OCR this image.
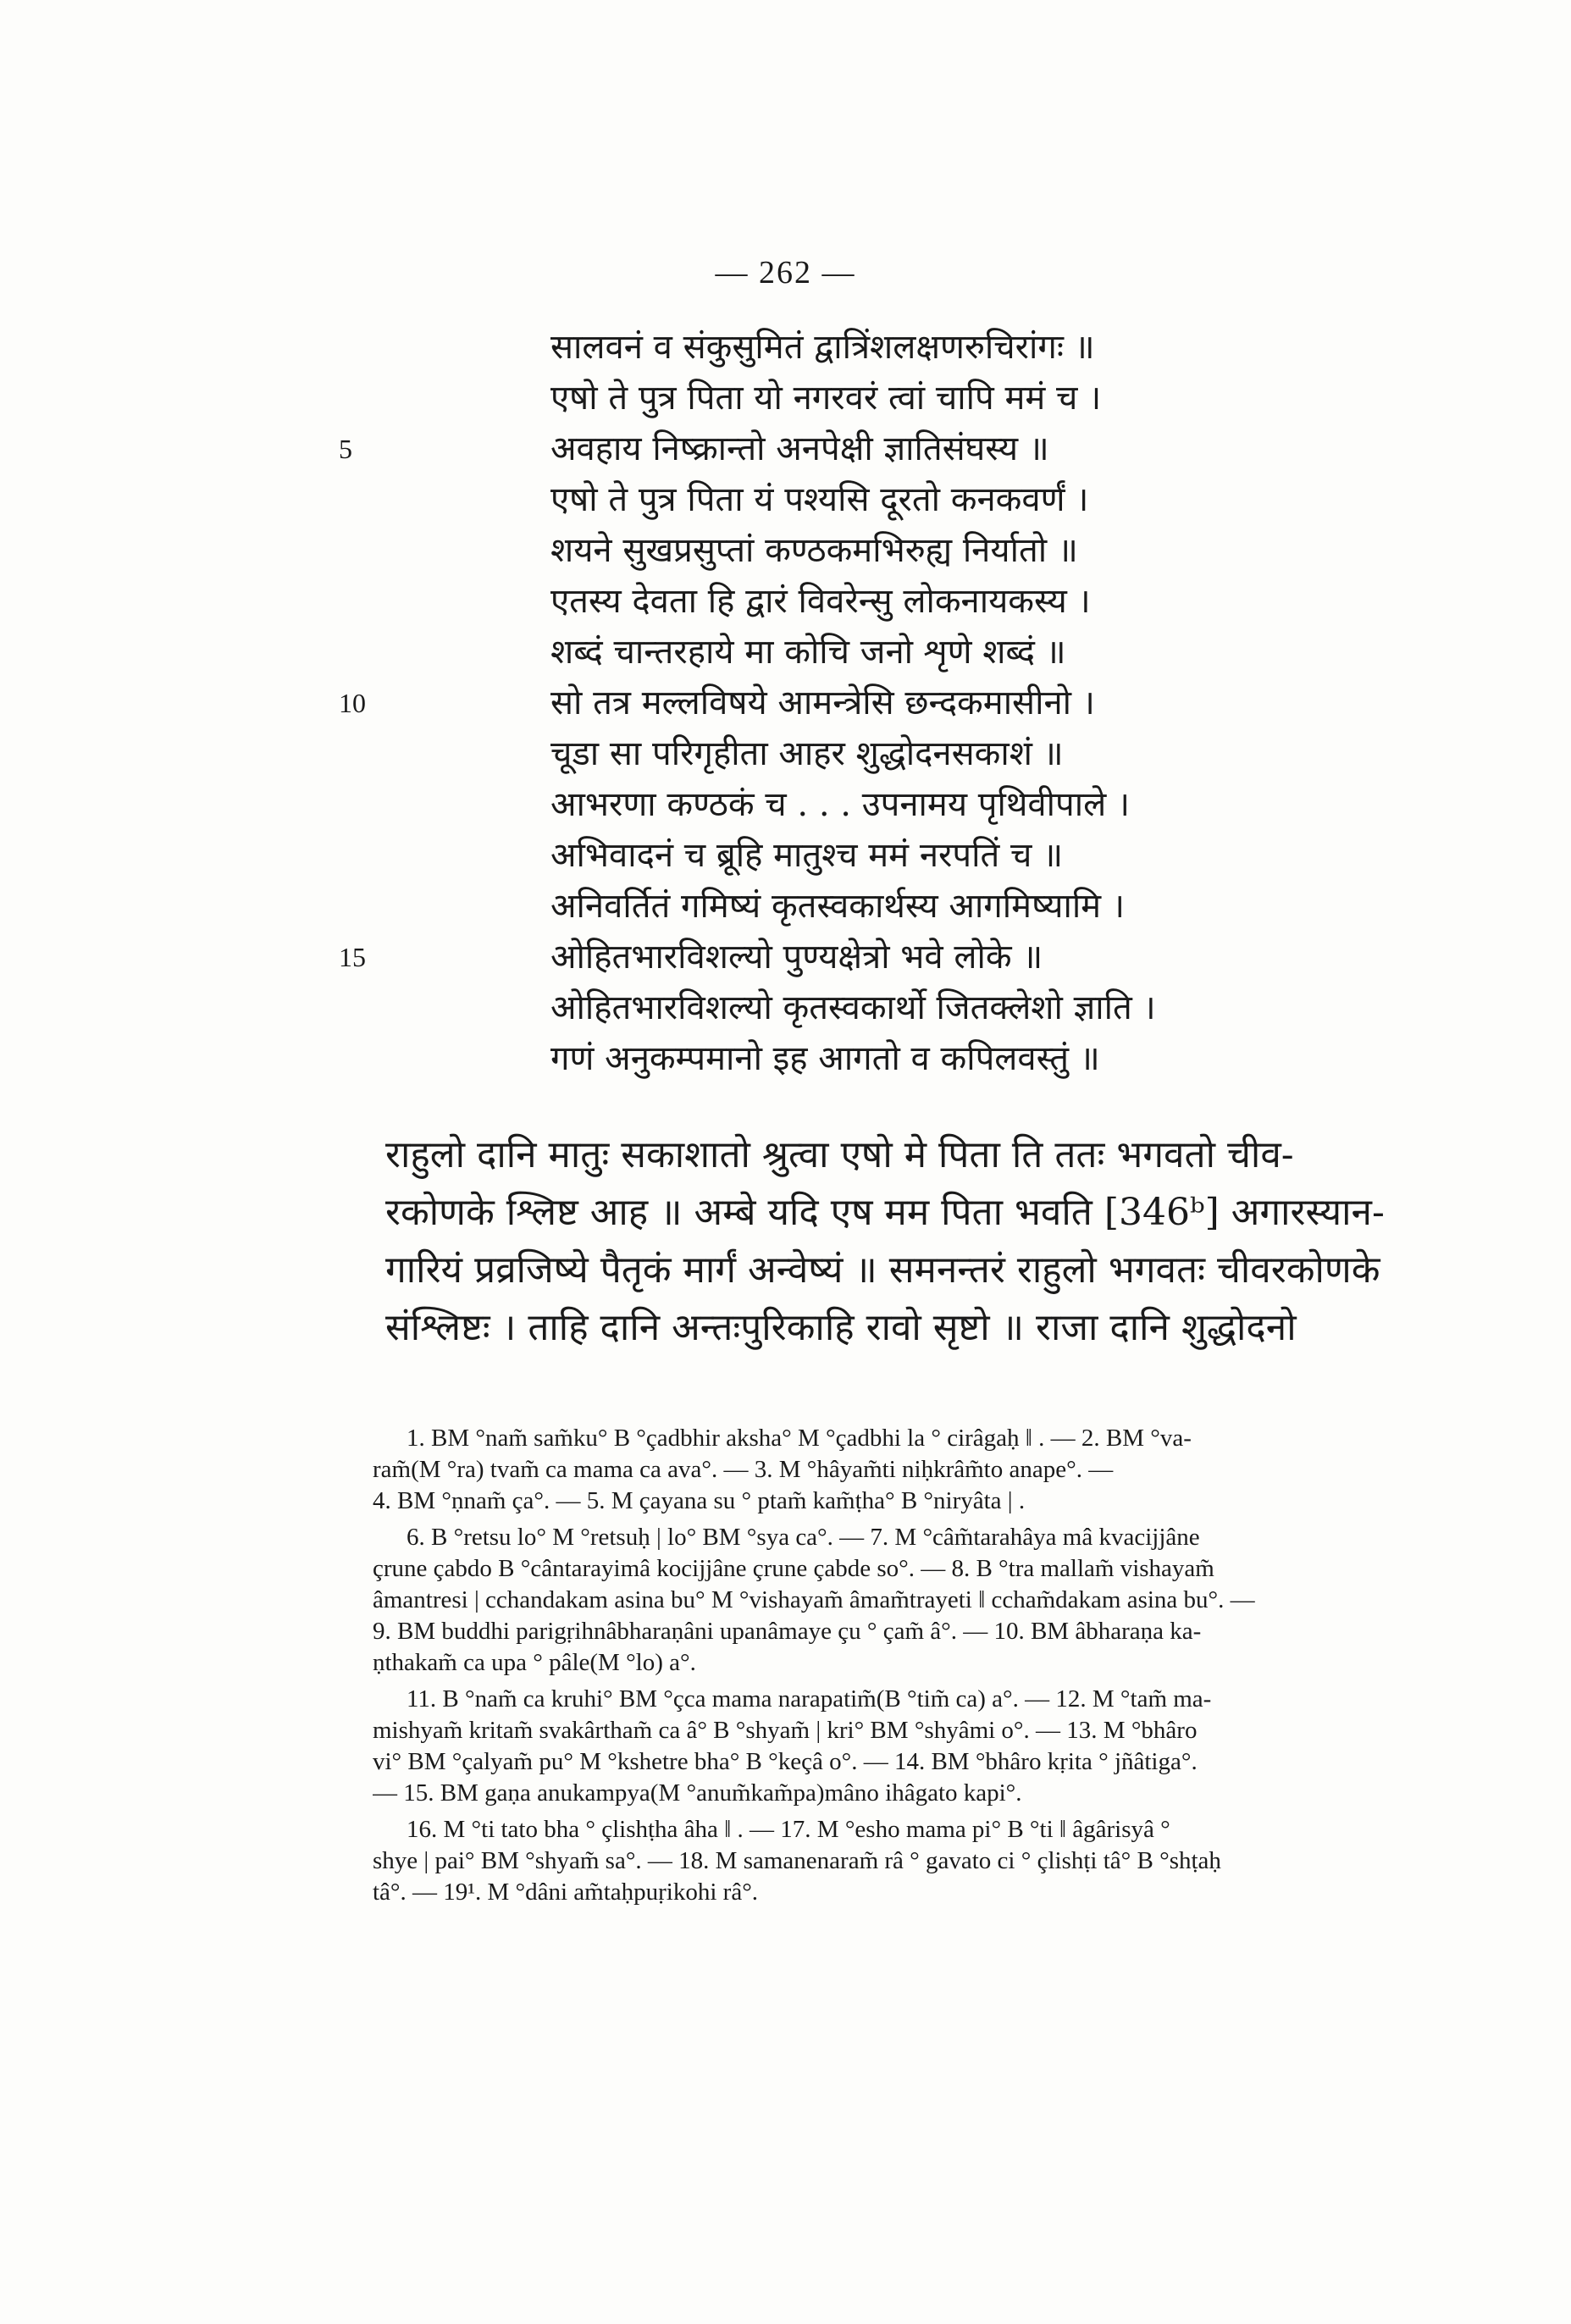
— 262 —
5
10
15
सालवनं व संकुसुमितं द्वात्रिंशलक्षणरुचिरांगः ॥
एषो ते पुत्र पिता यो नगरवरं त्वां चापि ममं च ।
अवहाय निष्क्रान्तो अनपेक्षी ज्ञातिसंघस्य ॥
एषो ते पुत्र पिता यं पश्यसि दूरतो कनकवर्णं ।
शयने सुखप्रसुप्तां कण्ठकमभिरुह्य निर्यातो ॥
एतस्य देवता हि द्वारं विवरेन्सु लोकनायकस्य ।
शब्दं चान्तरहाये मा कोचि जनो शृणे शब्दं ॥
सो तत्र मल्लविषये आमन्त्रेसि छन्दकमासीनो ।
चूडा सा परिगृहीता आहर शुद्धोदनसकाशं ॥
आभरणा कण्ठकं च . . . उपनामय पृथिवीपाले ।
अभिवादनं च ब्रूहि मातुश्च ममं नरपतिं च ॥
अनिवर्तितं गमिष्यं कृतस्वकार्थस्य आगमिष्यामि ।
ओहितभारविशल्यो पुण्यक्षेत्रो भवे लोके ॥
ओहितभारविशल्यो कृतस्वकार्थो जितक्लेशो ज्ञाति ।
गणं अनुकम्पमानो इह आगतो व कपिलवस्तुं ॥
राहुलो दानि मातुः सकाशातो श्रुत्वा एषो मे पिता ति ततः भगवतो चीव-
रकोणके श्लिष्ट आह ॥ अम्बे यदि एष मम पिता भवति [346ᵇ] अगारस्यान-
गारियं प्रव्रजिष्ये पैतृकं मार्गं अन्वेष्यं ॥ समनन्तरं राहुलो भगवतः चीवरकोणके
संश्लिष्टः । ताहि दानि अन्तःपुरिकाहि रावो सृष्टो ॥ राजा दानि शुद्धोदनो
1. BM °nam̃ sam̃ku° B °çadbhir aksha° M °çadbhi la ° cirâgaḥ ‖ . — 2. BM °va-
ram̃(M °ra) tvam̃ ca mama ca ava°. — 3. M °hâyam̃ti niḥkrâm̃to anape°. —
4. BM °ṇnam̃ ça°. — 5. M çayana su ° ptam̃ kam̃ṭha° B °niryâta | .
6. B °retsu lo° M °retsuḥ | lo° BM °sya ca°. — 7. M °câm̃tarahâya mâ kvacijjâne
çrune çabdo B °cântarayimâ kocijjâne çrune çabde so°. — 8. B °tra mallam̃ vishayam̃
âmantresi | cchandakam asina bu° M °vishayam̃ âmam̃trayeti ‖ ccham̃dakam asina bu°. —
9. BM buddhi parigṛihnâbharaṇâni upanâmaye çu ° çam̃ â°. — 10. BM âbharaṇa ka-
ṇthakam̃ ca upa ° pâle(M °lo) a°.
11. B °nam̃ ca kruhi° BM °çca mama narapatim̃(B °tim̃ ca) a°. — 12. M °tam̃ ma-
mishyam̃ kritam̃ svakârtham̃ ca â° B °shyam̃ | kri° BM °shyâmi o°. — 13. M °bhâro
vi° BM °çalyam̃ pu° M °kshetre bha° B °keçâ o°. — 14. BM °bhâro kṛita ° jñâtiga°.
— 15. BM gaṇa anukampya(M °anum̃kam̃pa)mâno ihâgato kapi°.
16. M °ti tato bha ° çlishṭha âha ‖ . — 17. M °esho mama pi° B °ti ‖ âgârisyâ °
shye | pai° BM °shyam̃ sa°. — 18. M samanenaram̃ râ ° gavato ci ° çlishṭi tâ° B °shṭaḥ
tâ°. — 19¹. M °dâni am̃taḥpuṛikohi râ°.
